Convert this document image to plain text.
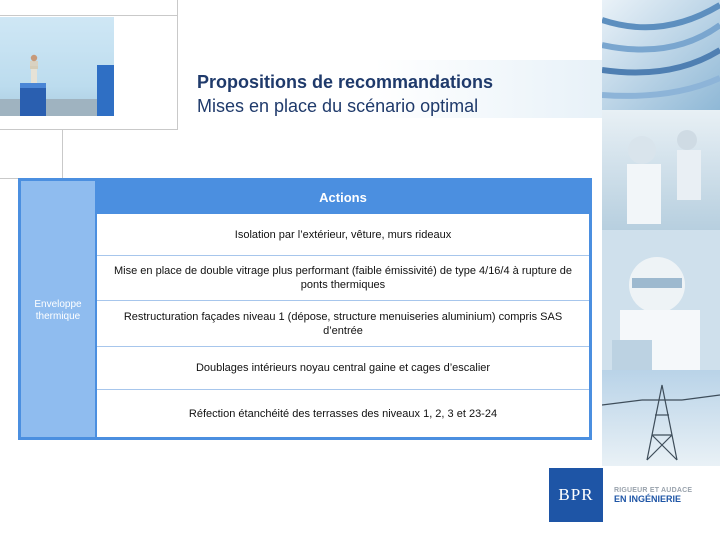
Propositions de recommandations
Mises en place du scénario optimal
Enveloppe thermique
Actions
Isolation par l’extérieur, vêture, murs rideaux
Mise en place de double vitrage plus performant (faible émissivité) de type 4/16/4 à rupture de ponts thermiques
Restructuration façades niveau 1 (dépose, structure menuiseries aluminium) compris SAS d’entrée
Doublages intérieurs noyau central gaine et cages d’escalier
Réfection étanchéité des terrasses des niveaux 1, 2, 3 et 23-24
BPR	RIGUEUR ET AUDACE
EN INGÉNIERIE
